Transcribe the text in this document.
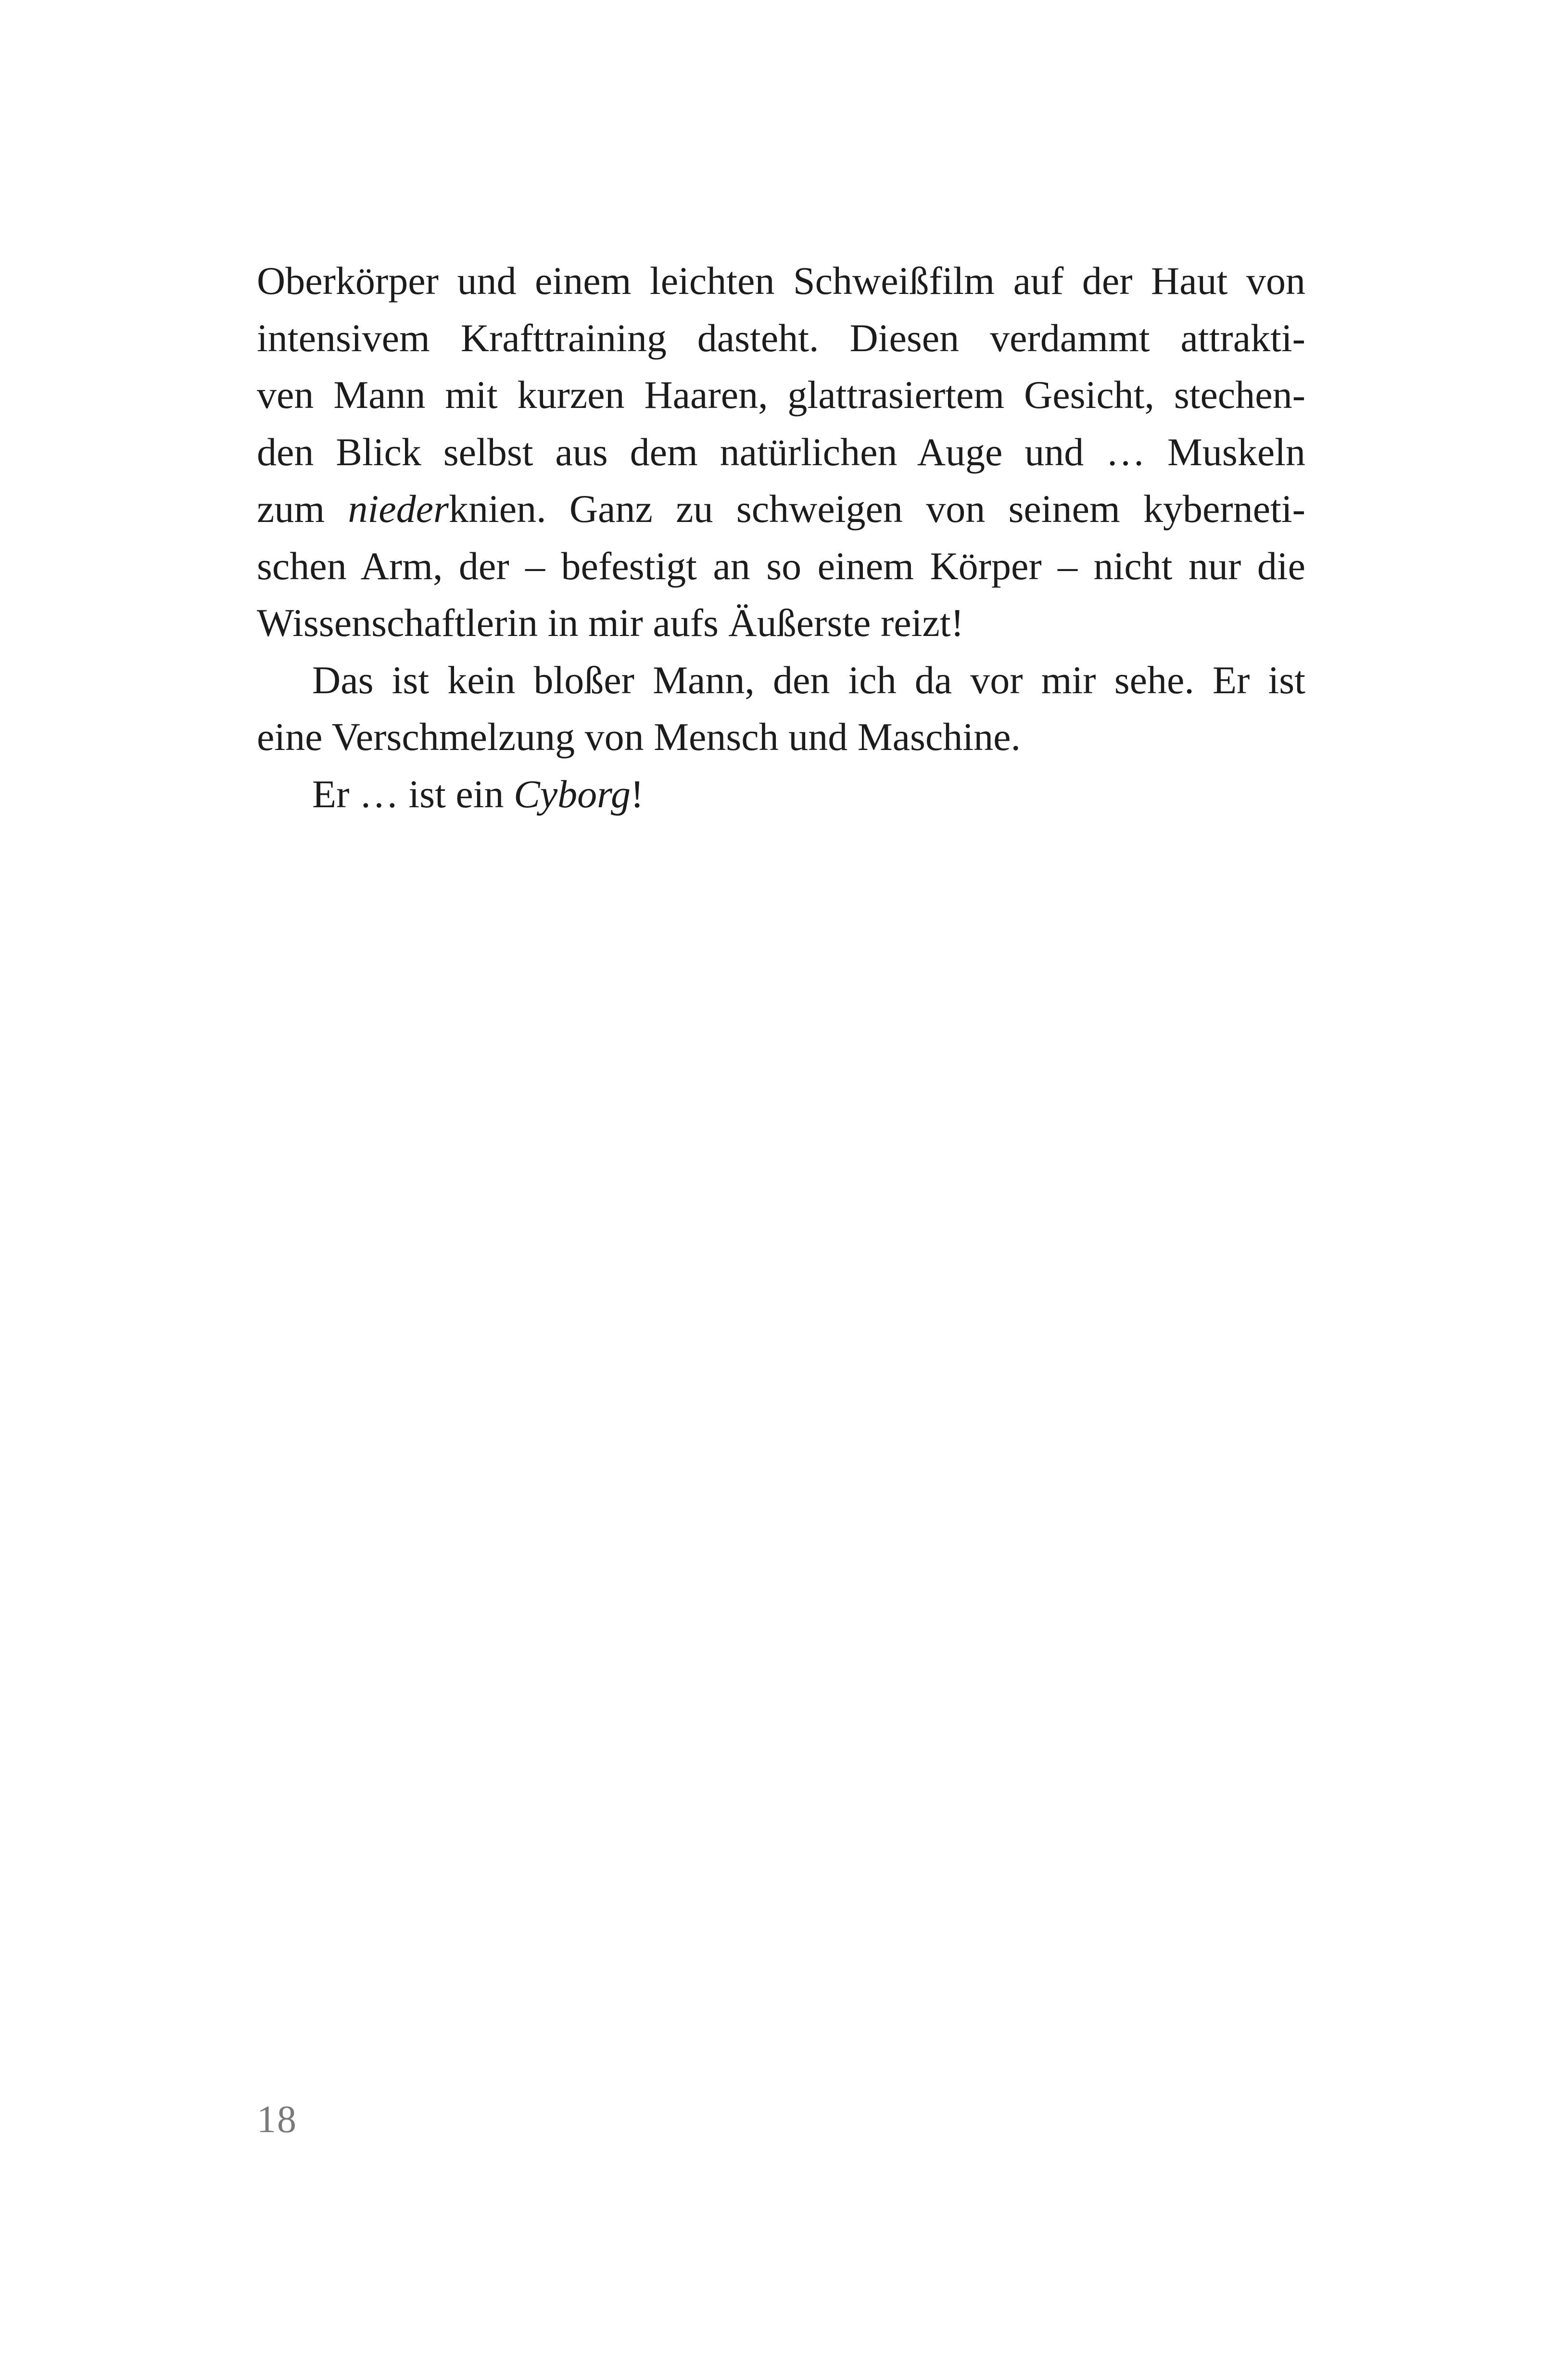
Oberkörper und einem leichten Schweißfilm auf der Haut von
intensivem Krafttraining dasteht. Diesen verdammt attrakti-
ven Mann mit kurzen Haaren, glattrasiertem Gesicht, stechen-
den Blick selbst aus dem natürlichen Auge und … Muskeln
zum niederknien. Ganz zu schweigen von seinem kyberneti-
schen Arm, der – befestigt an so einem Körper – nicht nur die
Wissenschaftlerin in mir aufs Äußerste reizt!
Das ist kein bloßer Mann, den ich da vor mir sehe. Er ist
eine Verschmelzung von Mensch und Maschine.
Er … ist ein Cyborg!
18
